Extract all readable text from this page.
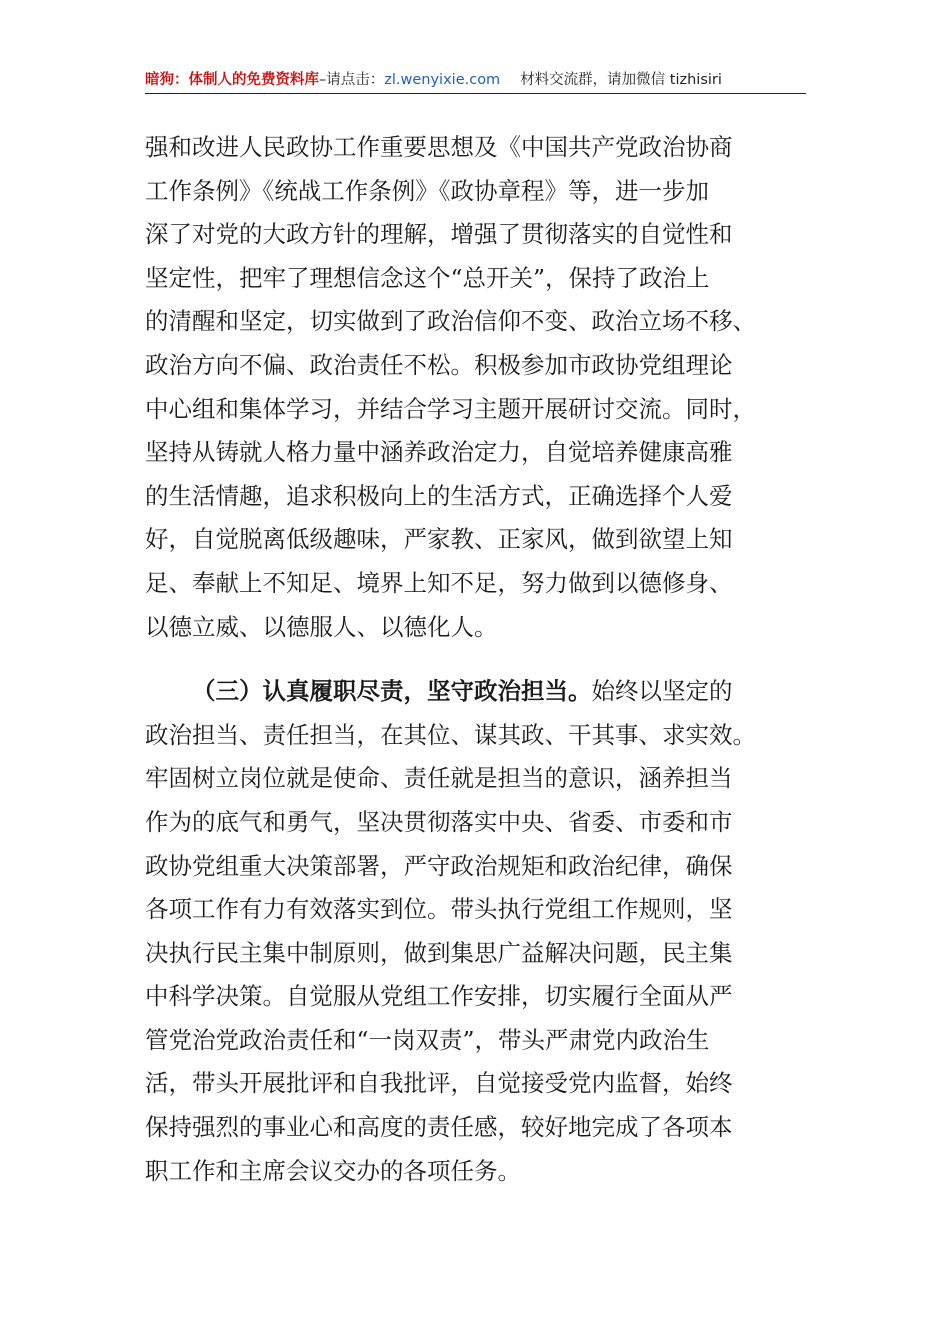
暗狗：体制人的免费资料库 –请点击： zl.wenyixie.com 材料交流群，请加微信 tizhisiri
强和改进人民政协工作重要思想及《中国共产党政治协商
工作条例》《统战工作条例》《政协章程》等，进一步加
深了对党的大政方针的理解，增强了贯彻落实的自觉性和
坚定性，把牢了理想信念这个“总开关”，保持了政治上
的清醒和坚定，切实做到了政治信仰不变、政治立场不移、
政治方向不偏、政治责任不松。积极参加市政协党组理论
中心组和集体学习，并结合学习主题开展研讨交流。同时，
坚持从铸就人格力量中涵养政治定力，自觉培养健康高雅
的生活情趣，追求积极向上的生活方式，正确选择个人爱
好，自觉脱离低级趣味，严家教、正家风，做到欲望上知
足、奉献上不知足、境界上知不足，努力做到以德修身、
以德立威、以德服人、以德化人。
（三）认真履职尽责，坚守政治担当。始终以坚定的
政治担当、责任担当，在其位、谋其政、干其事、求实效。
牢固树立岗位就是使命、责任就是担当的意识，涵养担当
作为的底气和勇气，坚决贯彻落实中央、省委、市委和市
政协党组重大决策部署，严守政治规矩和政治纪律，确保
各项工作有力有效落实到位。带头执行党组工作规则，坚
决执行民主集中制原则，做到集思广益解决问题，民主集
中科学决策。自觉服从党组工作安排，切实履行全面从严
管党治党政治责任和“一岗双责”，带头严肃党内政治生
活，带头开展批评和自我批评，自觉接受党内监督，始终
保持强烈的事业心和高度的责任感，较好地完成了各项本
职工作和主席会议交办的各项任务。
